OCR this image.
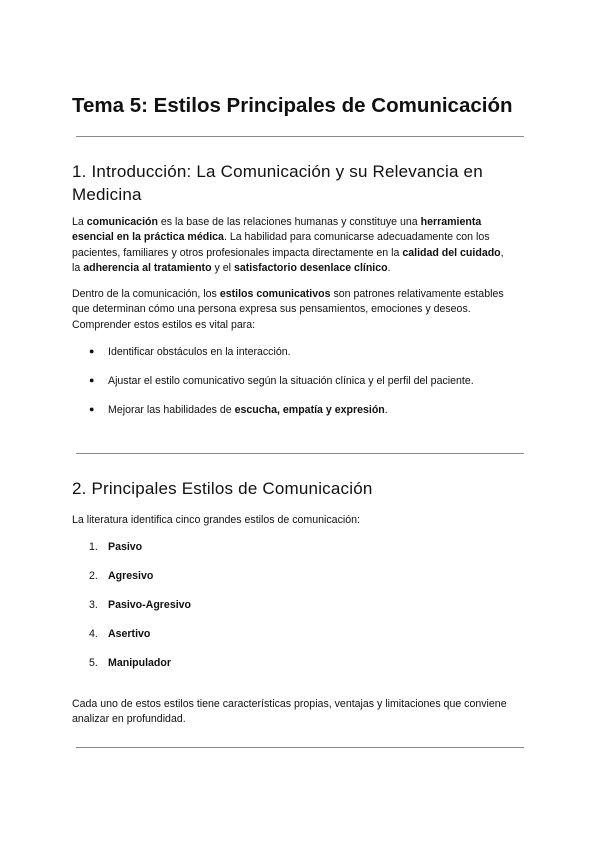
Tema 5: Estilos Principales de Comunicación
1. Introducción: La Comunicación y su Relevancia en
Medicina

La comunicación es la base de las relaciones humanas y constituye una herramienta
esencial en la práctica médica. La habilidad para comunicarse adecuadamente con los
pacientes, familiares y otros profesionales impacta directamente en la calidad del cuidado,
la adherencia al tratamiento y el satisfactorio desenlace clínico.

Dentro de la comunicación, los estilos comunicativos son patrones relativamente estables
que determinan cómo una persona expresa sus pensamientos, emociones y deseos.
Comprender estos estilos es vital para:

● Identificar obstáculos en la interacción.

● Ajustar el estilo comunicativo según la situación clínica y el perfil del paciente.

● Mejorar las habilidades de escucha, empatía y expresión.

2. Principales Estilos de Comunicación

La literatura identifica cinco grandes estilos de comunicación:

1. Pasivo
2. Agresivo
3. Pasivo-Agresivo
4. Asertivo
5. Manipulador

Cada uno de estos estilos tiene características propias, ventajas y limitaciones que conviene
analizar en profundidad.
